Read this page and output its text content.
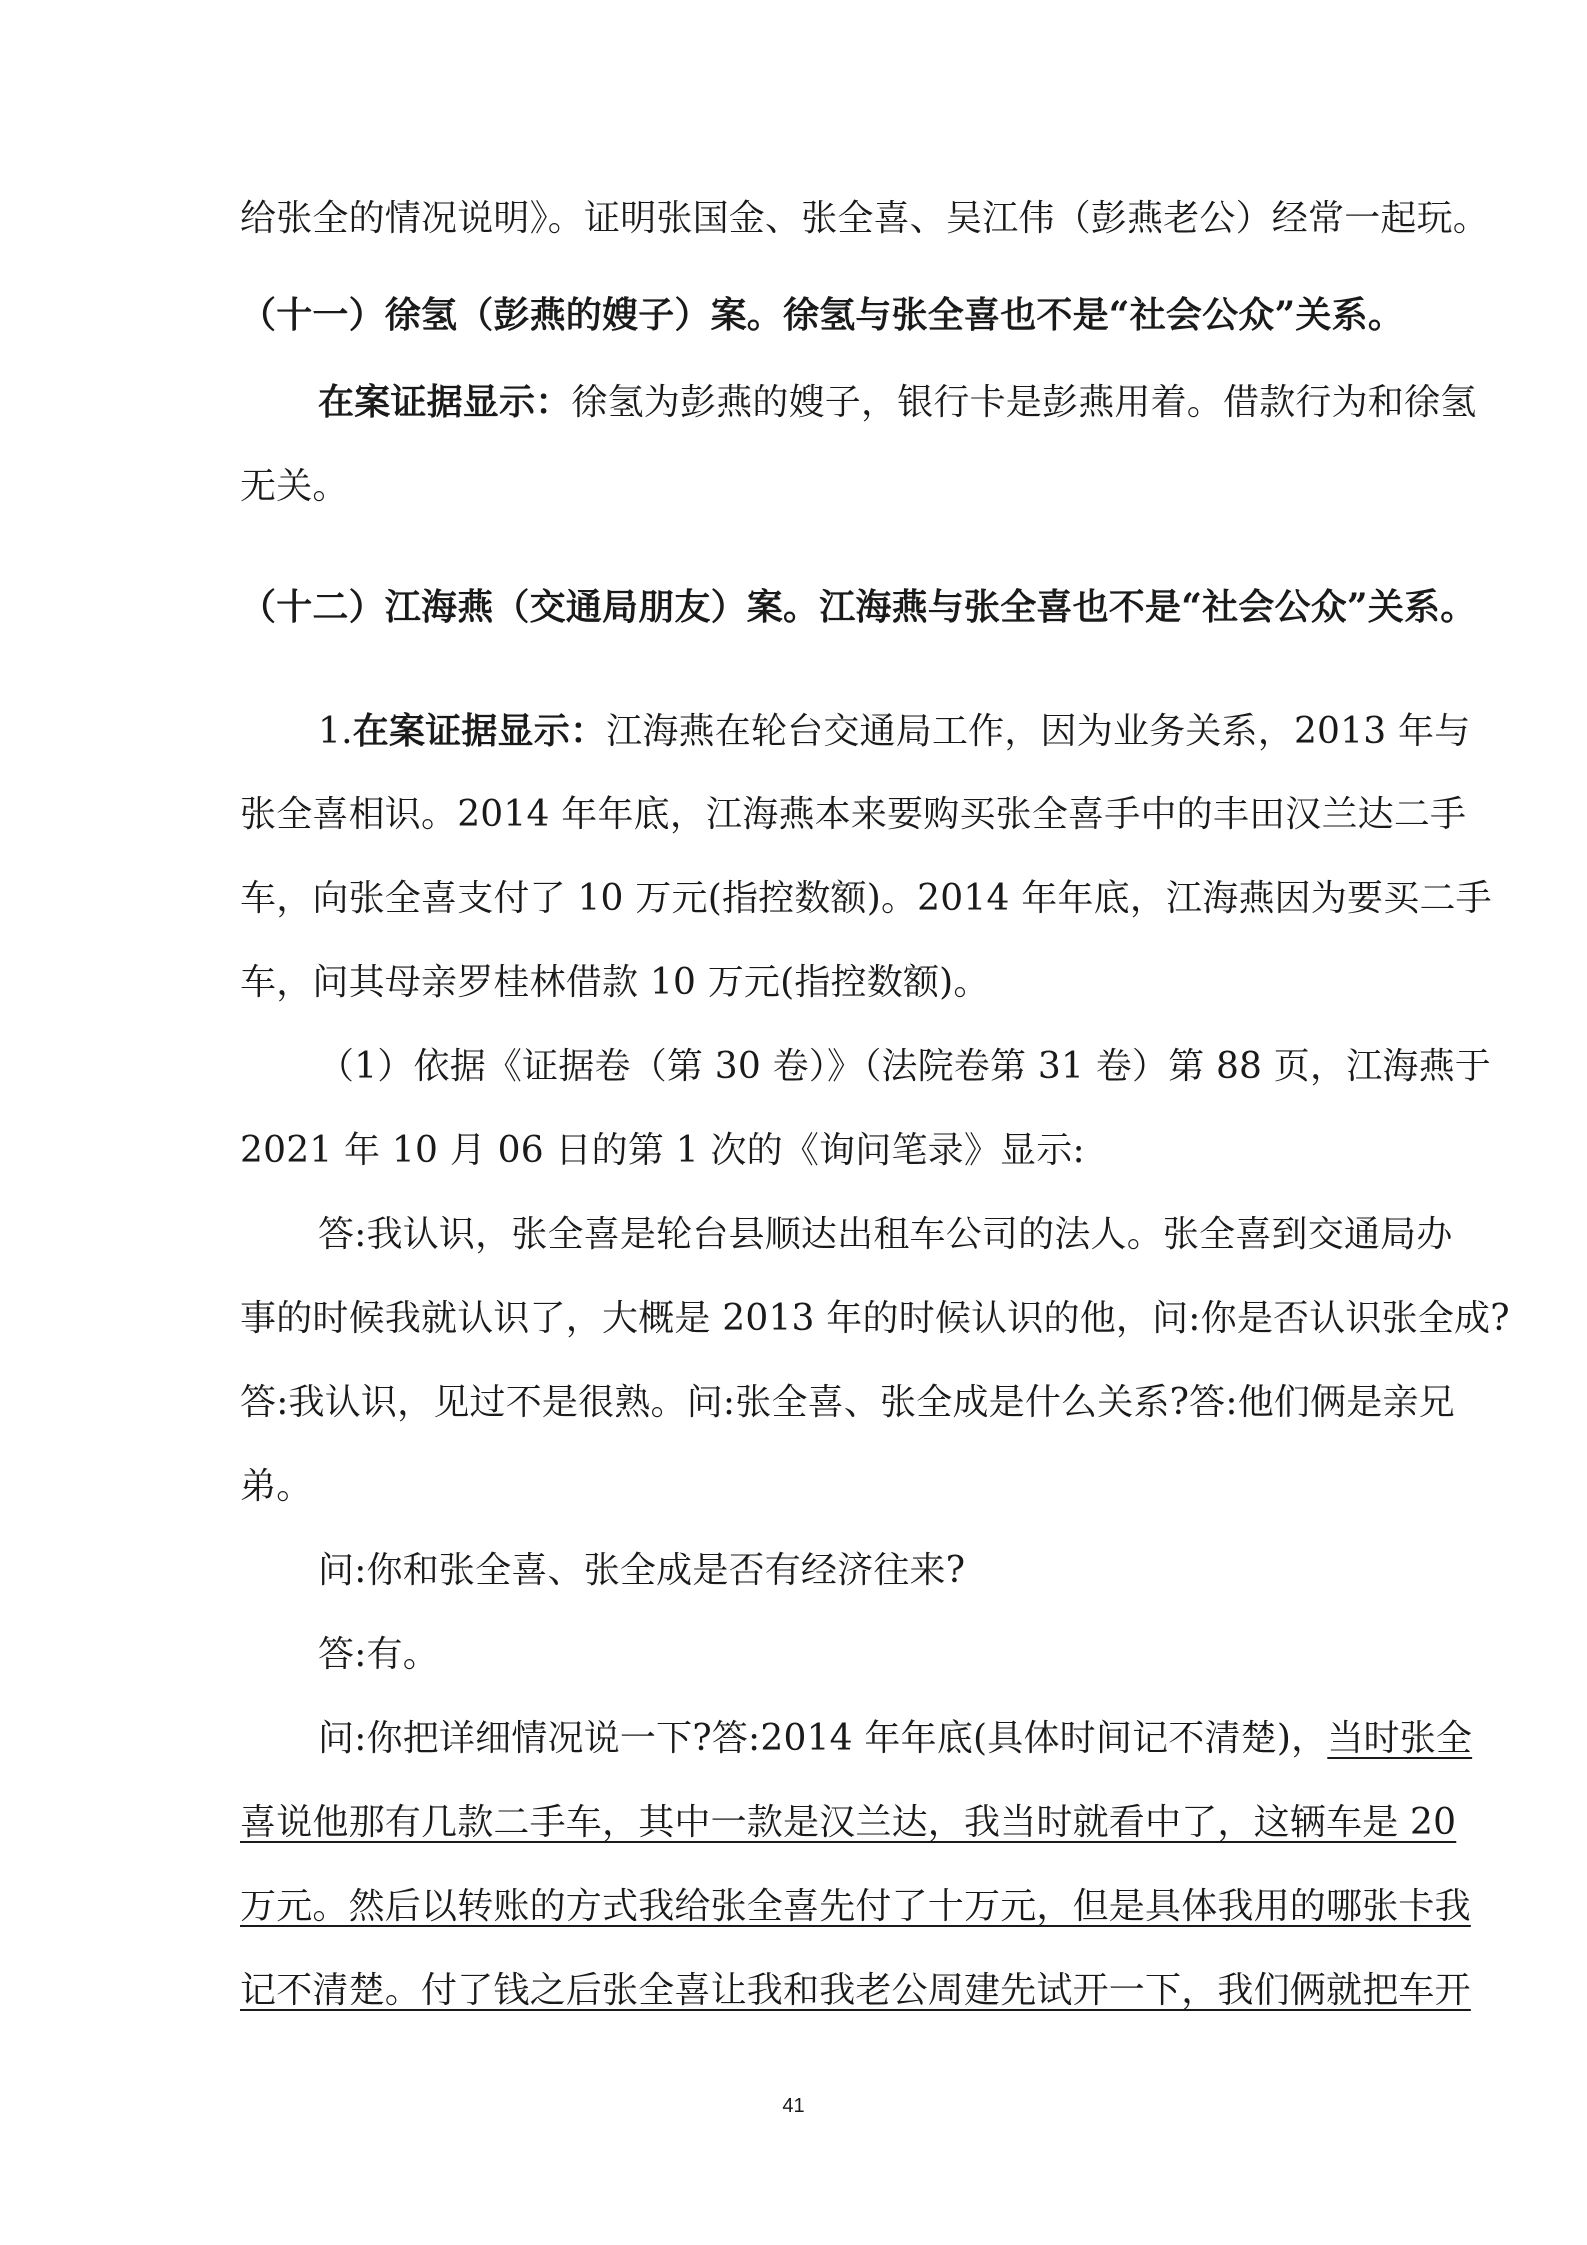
给张全的情况说明》。证明张国金、张全喜、吴江伟（彭燕老公）经常一起玩。
（十一）徐氢（彭燕的嫂子）案。徐氢与张全喜也不是“社会公众”关系。
在案证据显示：徐氢为彭燕的嫂子，银行卡是彭燕用着。借款行为和徐氢
无关。
（十二）江海燕（交通局朋友）案。江海燕与张全喜也不是“社会公众”关系。
1.在案证据显示：江海燕在轮台交通局工作，因为业务关系，2013 年与
张全喜相识。2014 年年底，江海燕本来要购买张全喜手中的丰田汉兰达二手
车，向张全喜支付了 10 万元(指控数额)。2014 年年底，江海燕因为要买二手
车，问其母亲罗桂林借款 10 万元(指控数额)。
（1）依据《证据卷（第 30 卷）》（法院卷第 31 卷）第 88 页，江海燕于
2021 年 10 月 06 日的第 1 次的《询问笔录》显示:
答:我认识，张全喜是轮台县顺达出租车公司的法人。张全喜到交通局办
事的时候我就认识了，大概是 2013 年的时候认识的他，问:你是否认识张全成?
答:我认识，见过不是很熟。问:张全喜、张全成是什么关系?答:他们俩是亲兄
弟。
问:你和张全喜、张全成是否有经济往来?
答:有。
问:你把详细情况说一下?答:2014 年年底(具体时间记不清楚)，当时张全
喜说他那有几款二手车，其中一款是汉兰达，我当时就看中了，这辆车是 20
万元。然后以转账的方式我给张全喜先付了十万元，但是具体我用的哪张卡我
记不清楚。付了钱之后张全喜让我和我老公周建先试开一下，我们俩就把车开
41
